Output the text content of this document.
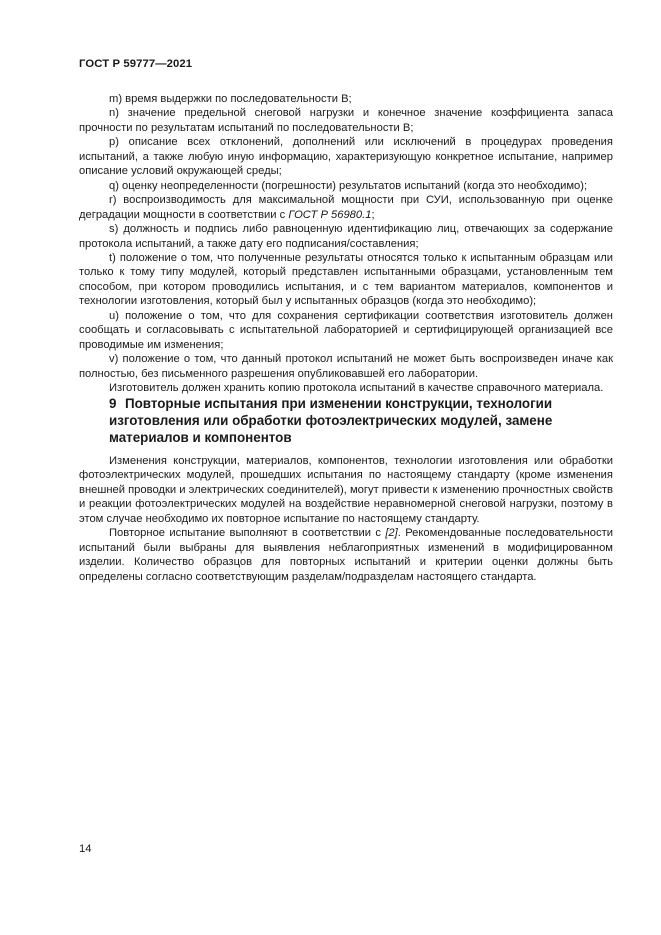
ГОСТ Р 59777—2021

m) время выдержки по последовательности В;

n) значение предельной снеговой нагрузки и конечное значение коэффициента запаса прочности по результатам испытаний по последовательности В;

p) описание всех отклонений, дополнений или исключений в процедурах проведения испытаний, а также любую иную информацию, характеризующую конкретное испытание, например описание условий окружающей среды;

q) оценку неопределенности (погрешности) результатов испытаний (когда это необходимо);

r) воспроизводимость для максимальной мощности при СУИ, использованную при оценке деградации мощности в соответствии с ГОСТ Р 56980.1;

s) должность и подпись либо равноценную идентификацию лиц, отвечающих за содержание протокола испытаний, а также дату его подписания/составления;

t) положение о том, что полученные результаты относятся только к испытанным образцам или только к тому типу модулей, который представлен испытанными образцами, установленным тем способом, при котором проводились испытания, и с тем вариантом материалов, компонентов и технологии изготовления, который был у испытанных образцов (когда это необходимо);

u) положение о том, что для сохранения сертификации соответствия изготовитель должен сообщать и согласовывать с испытательной лабораторией и сертифицирующей организацией все проводимые им изменения;

v) положение о том, что данный протокол испытаний не может быть воспроизведен иначе как полностью, без письменного разрешения опубликовавшей его лаборатории.

Изготовитель должен хранить копию протокола испытаний в качестве справочного материала.

9 Повторные испытания при изменении конструкции, технологии изготовления или обработки фотоэлектрических модулей, замене материалов и компонентов

Изменения конструкции, материалов, компонентов, технологии изготовления или обработки фотоэлектрических модулей, прошедших испытания по настоящему стандарту (кроме изменения внешней проводки и электрических соединителей), могут привести к изменению прочностных свойств и реакции фотоэлектрических модулей на воздействие неравномерной снеговой нагрузки, поэтому в этом случае необходимо их повторное испытание по настоящему стандарту.

Повторное испытание выполняют в соответствии с [2]. Рекомендованные последовательности испытаний были выбраны для выявления неблагоприятных изменений в модифицированном изделии. Количество образцов для повторных испытаний и критерии оценки должны быть определены согласно соответствующим разделам/подразделам настоящего стандарта.

14
